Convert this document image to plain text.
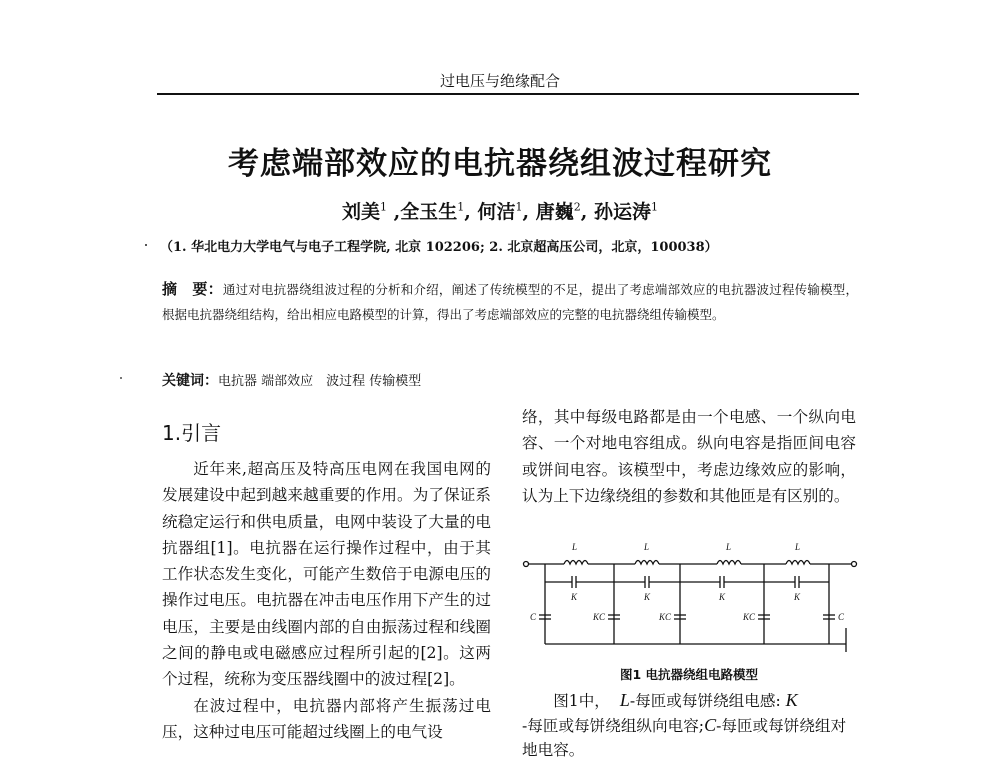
过电压与绝缘配合
考虑端部效应的电抗器绕组波过程研究
刘美$^1$ ,全玉生$^1$, 何洁$^1$, 唐巍$^2$, 孙运涛$^1$
（1. 华北电力大学电气与电子工程学院, 北京 102206; 2. 北京超高压公司，北京，100038）
摘　要：通过对电抗器绕组波过程的分析和介绍，阐述了传统模型的不足，提出了考虑端部效应的电抗器波过程传输模型，根据电抗器绕组结构，给出相应电路模型的计算，得出了考虑端部效应的完整的电抗器绕组传输模型。
关键词：电抗器 端部效应　波过程 传输模型
1.引言

近年来,超高压及特高压电网在我国电网的发展建设中起到越来越重要的作用。为了保证系统稳定运行和供电质量，电网中装设了大量的电抗器组[1]。电抗器在运行操作过程中，由于其工作状态发生变化，可能产生数倍于电源电压的操作过电压。电抗器在冲击电压作用下产生的过电压，主要是由线圈内部的自由振荡过程和线圈之间的静电或电磁感应过程所引起的[2]。这两个过程，统称为变压器线圈中的波过程[2]。

在波过程中，电抗器内部将产生振荡过电压，这种过电压可能超过线圈上的电气设

络，其中每级电路都是由一个电感、一个纵向电容、一个对地电容组成。纵向电容是指匝间电容或饼间电容。该模型中，考虑边缘效应的影响，认为上下边缘绕组的参数和其他匝是有区别的。

L	L	L	L
K	K	K	K
C	KC	KC	KC	C
图1 电抗器绕组电路模型
图1中， L-每匝或每饼绕组电感: K
-每匝或每饼绕组纵向电容;C-每匝或每饼绕组对地电容。
